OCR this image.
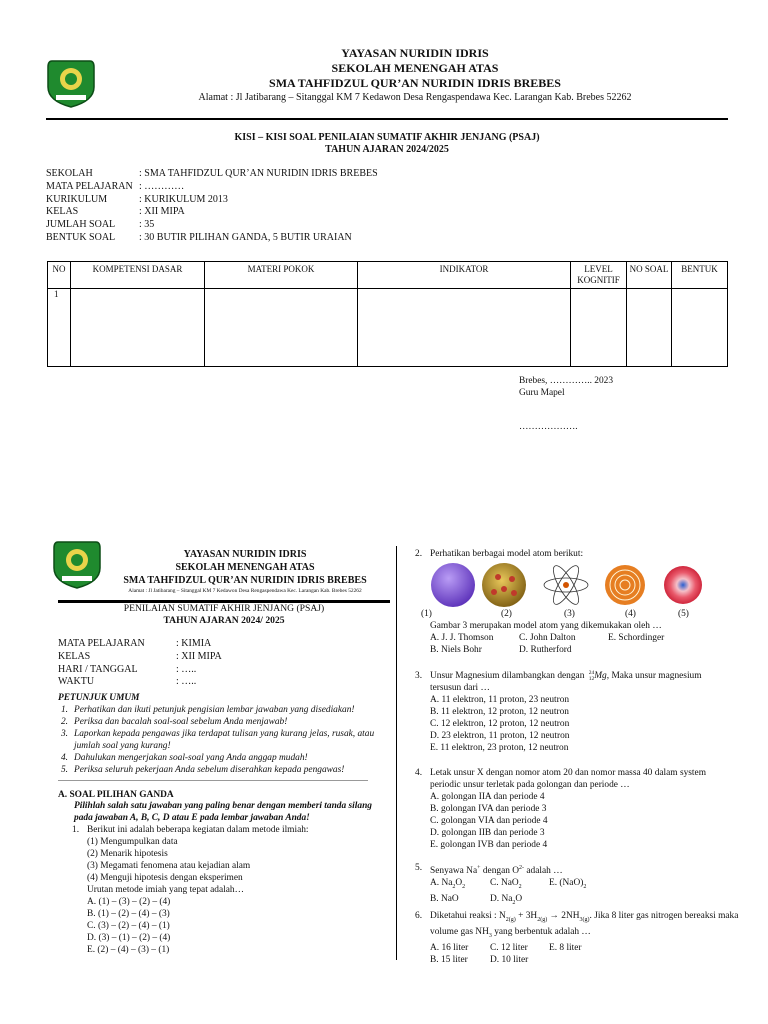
YAYASAN NURIDIN IDRIS
SEKOLAH MENENGAH ATAS
SMA TAHFIDZUL QUR’AN NURIDIN IDRIS BREBES
Alamat : Jl Jatibarang – Sitanggal KM 7 Kedawon Desa Rengaspendawa Kec. Larangan Kab. Brebes 52262
KISI – KISI SOAL PENILAIAN SUMATIF AKHIR JENJANG (PSAJ)
TAHUN AJARAN 2024/2025
SEKOLAH	: SMA TAHFIDZUL QUR’AN NURIDIN IDRIS BREBES
MATA PELAJARAN : …………
KURIKULUM	: KURIKULUM 2013
KELAS	: XII MIPA
JUMLAH SOAL	: 35
BENTUK SOAL	: 30 BUTIR PILIHAN GANDA, 5 BUTIR URAIAN
NO	KOMPETENSI DASAR	MATERI POKOK	INDIKATOR	LEVEL KOGNITIF	NO SOAL	BENTUK
1						
Brebes, ………….. 2023
Guru Mapel
……………….
YAYASAN NURIDIN IDRIS
SEKOLAH MENENGAH ATAS
SMA TAHFIDZUL QUR’AN NURIDIN IDRIS BREBES
Alamat : Jl Jatibarang – Sitanggal KM 7 Kedawon Desa Rengaspendawa Kec. Larangan Kab. Brebes 52262
PENILAIAN SUMATIF AKHIR JENJANG (PSAJ)
TAHUN AJARAN 2024/ 2025
MATA PELAJARAN	: KIMIA
KELAS	: XII MIPA
HARI / TANGGAL	: …..
WAKTU	: …..
PETUNJUK UMUM
1. Perhatikan dan ikuti petunjuk pengisian lembar jawaban yang disediakan!
2. Periksa dan bacalah soal-soal sebelum Anda menjawab!
3. Laporkan kepada pengawas jika terdapat tulisan yang kurang jelas, rusak, atau jumlah soal yang kurang!
4. Dahulukan mengerjakan soal-soal yang Anda anggap mudah!
5. Periksa seluruh pekerjaan Anda sebelum diserahkan kepada pengawas!
A. SOAL PILIHAN GANDA
Pilihlah salah satu jawaban yang paling benar dengan memberi tanda silang pada jawaban A, B, C, D atau E pada lembar jawaban Anda!
1. Berikut ini adalah beberapa kegiatan dalam metode ilmiah:
(1) Mengumpulkan data
(2) Menarik hipotesis
(3) Megamati fenomena atau kejadian alam
(4) Menguji hipotesis dengan eksperimen
Urutan metode imiah yang tepat adalah…
A. (1) – (3) – (2) – (4)
B. (1) – (2) – (4) – (3)
C. (3) – (2) – (4) – (1)
D. (3) – (1) – (2) – (4)
E. (2) – (4) – (3) – (1)
2. Perhatikan berbagai model atom berikut:
(1)	(2)	(3)	(4)	(5)
Gambar 3 merupakan model atom yang dikemukakan oleh …
A. J. J. Thomson	C. John Dalton	E. Schordinger
B. Niels Bohr	D. Rutherford
3. Unsur Magnesium dilambangkan dengan 24
12 Mg, Maka unsur magnesium tersusun dari …
A. 11 elektron, 11 proton, 23 neutron
B. 11 elektron, 12 proton, 12 neutron
C. 12 elektron, 12 proton, 12 neutron
D. 23 elektron, 11 proton, 12 neutron
E. 11 elektron, 23 proton, 12 neutron
4. Letak unsur X dengan nomor atom 20 dan nomor massa 40 dalam system periodic unsur terletak pada golongan dan periode …
A. golongan IIA dan periode 4
B. golongan IVA dan periode 3
C. golongan VIA dan periode 4
D. golongan IIB dan periode 3
E. golongan IVB dan periode 4
5. Senyawa Na+ dengan $O^{2-}$ adalah …
A. $Na_2O_2$	C. NaO$_2$	E. $(NaO)_2$
B. NaO	D. $Na_2O$
6. Diketahui reaksi : $N_{2(g)} + 3H_{2(g)} \to 2NH_{3(g)}$. Jika 8 liter gas nitrogen bereaksi maka
volume gas $NH_3$ yang berbentuk adalah …
A. 16 liter	C. 12 liter	E. 8 liter
B. 15 liter	D. 10 liter
